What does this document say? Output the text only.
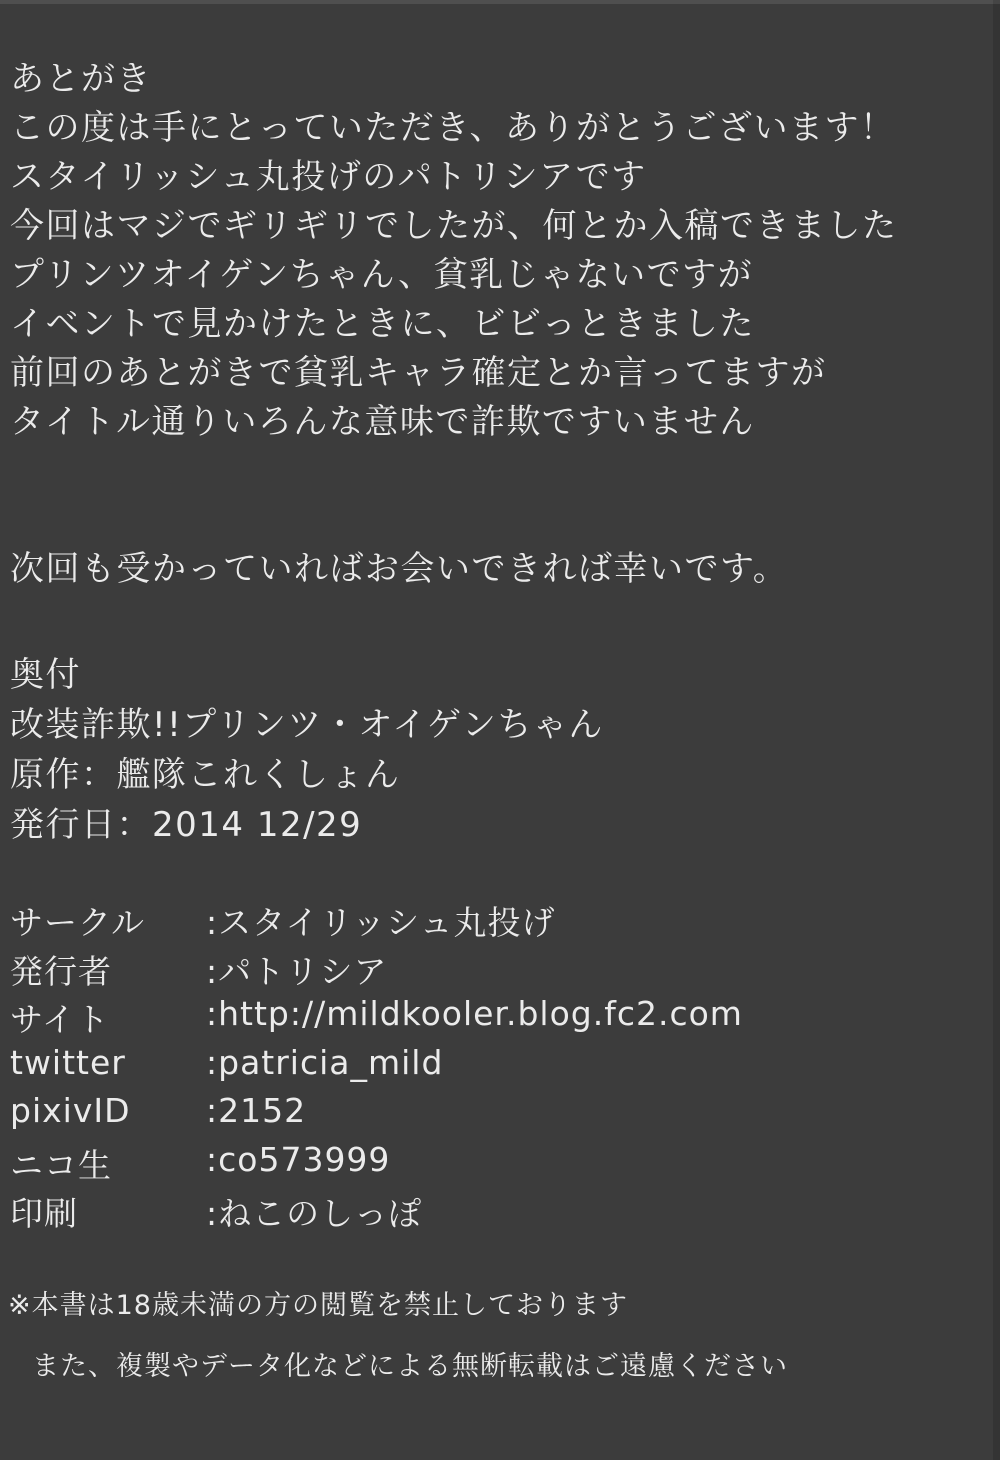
あとがき
この度は手にとっていただき、ありがとうございます！
スタイリッシュ丸投げのパトリシアです
今回はマジでギリギリでしたが、何とか入稿できました
プリンツオイゲンちゃん、貧乳じゃないですが
イベントで見かけたときに、ビビっときました
前回のあとがきで貧乳キャラ確定とか言ってますが
タイトル通りいろんな意味で詐欺ですいません
次回も受かっていればお会いできれば幸いです。
奥付
改装詐欺!!プリンツ・オイゲンちゃん
原作：艦隊これくしょん
発行日：2014 12/29
サークル	:スタイリッシュ丸投げ
発行者	:パトリシア
サイト	:http://mildkooler.blog.fc2.com
twitter	:patricia_mild
pixivID	:2152
ニコ生	:co573999
印刷	:ねこのしっぽ
※本書は18歳未満の方の閲覧を禁止しております
また、複製やデータ化などによる無断転載はご遠慮ください
